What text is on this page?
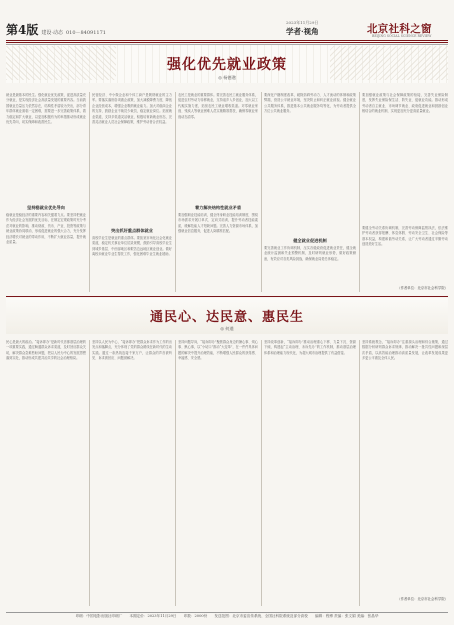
第4版 建设·动态 010－84091171
2023年11月29日
学者·视角	北京社科之窗
BEIJING SOCIAL SCIENCE REVIEW
强化优先就业政策
◎ 杨德邈
就业是最基本的民生。强化就业优先政策，促进高质量充分就业，是实现经济社会高质量发展的重要内容。当前我国就业总量压力依然存在，结构性矛盾较为突出，部分青年群体就业面临一定困难，需要进一步完善政策体系，着力稳定和扩大就业，以更加积极有为的举措推动形成就业优先导向，切实保障和改善民生。
坚持稳就业优先导向
稳就业是稳经济的重要内容和关键着力点。要坚持把就业作为经济社会发展的优先目标，在制定宏观政策时充分考虑对就业的影响，推动财政、货币、产业、投资等政策与就业政策协同联动，形成促进就业的强大合力，充分发挥经济增长对就业的带动作用，不断扩大就业容量，提升就业质量。
民营经济、中小微企业和个体工商户是吸纳就业的主力军。要落实落细各项惠企政策，加大减税降费力度，降低企业经营成本，增强企业吸纳就业能力。加大对稳岗企业的支持，鼓励企业不裁员少裁员，稳定就业岗位。拓宽就业渠道，支持多渠道灵活就业，积极培育新就业形态，完善灵活就业人员社会保障政策，维护劳动者合法权益。
突出抓好重点群体就业
高校毕业生是就业的重点群体。要拓宽市场化社会化就业渠道，稳定机关事业单位招录规模，鼓励引导高校毕业生到城乡基层、中西部地区和艰苦边远地区就业创业。做好离校未就业毕业生帮扶工作，强化困难毕业生就业援助。
农民工是就业的重要群体。要完善农民工就业服务体系，促进农村劳动力转移就业，支持返乡入乡创业，加大以工代赈实施力度，拓宽农民工就业增收渠道。对零就业家庭、残疾人等就业困难人员实施精准帮扶，确保零就业家庭动态清零。
着力解决结构性就业矛盾
要加强职业技能培训，健全终身职业技能培训制度，围绕市场需求开展订单式、定向式培训，提升劳动者技能素质，缓解技能人才短缺问题。完善人力资源市场体系，加强就业信息服务，促进人岗精准匹配。
要深化户籍制度改革，破除妨碍劳动力、人才流动的体制和政策弊端，营造公平就业环境，坚决防止和纠正就业歧视。健全就业公共服务体系，推进基本公共就业服务均等化，为劳动者提供全方位公共就业服务。
健全就业促进机制
要完善就业工作协调机制，压实各级政府促进就业责任，健全就业统计监测和失业预警机制，及时研判就业形势，做好政策储备，有效应对各类风险挑战，确保就业局势总体稳定。
要加强就业政策与社会保障政策的衔接，完善失业保险制度，发挥失业保险保生活、防失业、促就业功能。推动形成劳动者自主就业、市场调节就业、政府促进就业和鼓励创业相结合的就业机制，实现更加充分更高质量就业。
要健全劳动关系协调机制，完善劳动保障监察执法，依法维护劳动者获得报酬、休息休假、劳动安全卫生、社会保险等基本权益，构建和谐劳动关系，让广大劳动者通过辛勤劳动创造美好生活。
（作者单位：北京市社会科学院）
通民心、达民意、惠民生
◎ 何遒
民心是最大的政治。“接诉即办”是新时代首都基层治理的一项重要实践，通过畅通群众诉求渠道，及时回应群众关切，解决群众急难愁盼问题，把以人民为中心的发展思想落到实处，推动形成共建共治共享的社会治理格局。
坚持以人民为中心，“接诉即办”把群众诉求作为工作的出发点和落脚点，充分体现了党的群众路线在新时代的生动实践。通过一条热线连接千家万户，让群众的声音被听见、诉求被回应、问题被解决。
坚持问题导向，“接诉即办”聚焦群众身边的操心事、烦心事、揪心事，以“小切口”推动“大变革”，在一件件具体问题的解决中提升治理效能，不断增强人民群众的获得感、幸福感、安全感。
坚持改革创新，“接诉即办”推动治理重心下移、力量下沉、资源下倾，构建起“主动治理、未诉先办”的工作机制，推动基层治理体系和治理能力现代化，为超大城市治理提供了有益借鉴。
坚持系统观念，“接诉即办”注重源头治理和综合施策，通过数据分析研判群众诉求规律，推动解决一批共性问题和深层次矛盾，以高效能治理推动高质量发展，让改革发展成果更多更公平惠及全体人民。
（作者单位：北京市社会科学院）
印刷：中国电影出版社印刷厂　　本期定价：2023年11月29日　　印数：2000份　　发送范围：北京市委宣传系统、全国社科院系统及部分高校　　编辑：程博 责编：张文娟 美编：张晶华
